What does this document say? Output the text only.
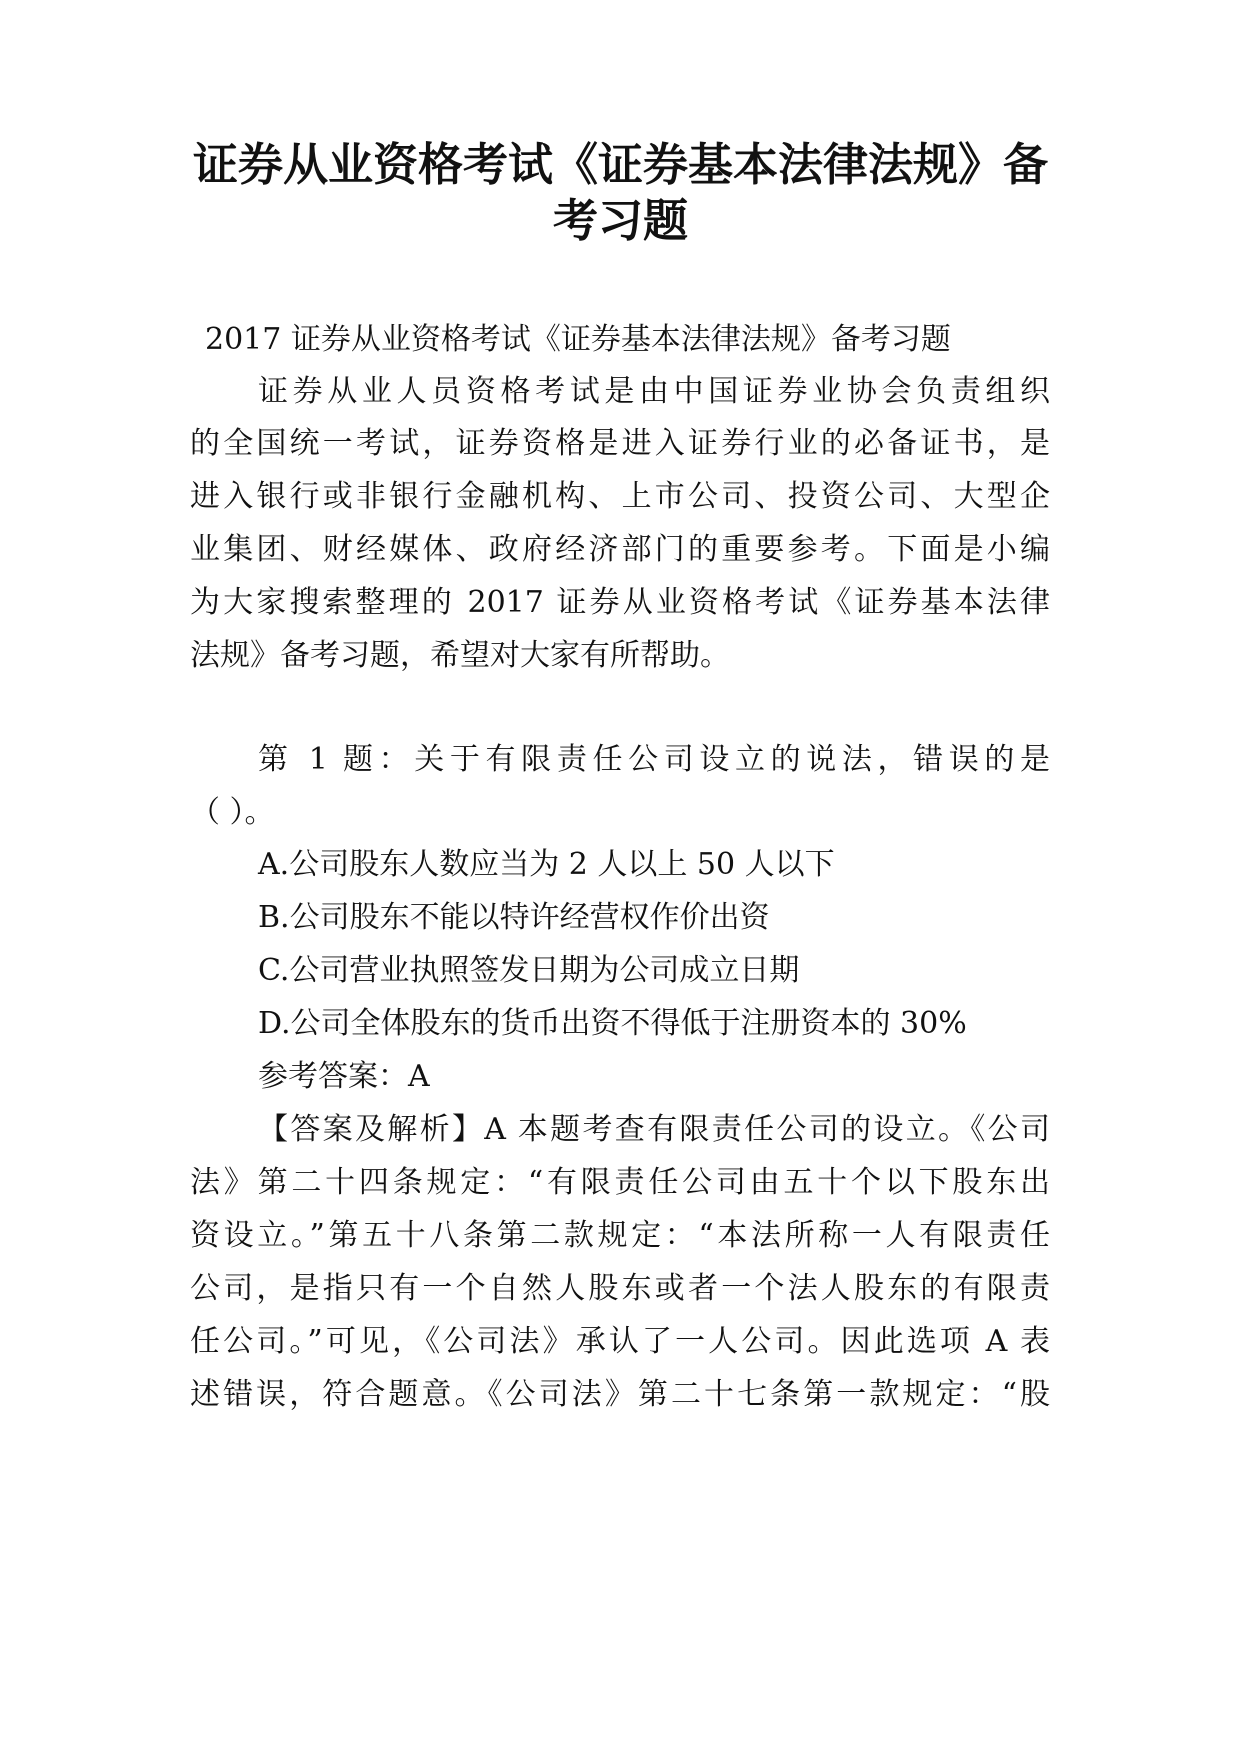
证券从业资格考试《证券基本法律法规》备
考习题

2017 证券从业资格考试《证券基本法律法规》备考习题

证券从业人员资格考试是由中国证券业协会负责组织

的全国统一考试，证券资格是进入证券行业的必备证书，是

进入银行或非银行金融机构、上市公司、投资公司、大型企

业集团、财经媒体、政府经济部门的重要参考。下面是小编

为大家搜索整理的 2017 证券从业资格考试《证券基本法律

法规》备考习题，希望对大家有所帮助。

第 1 题：关于有限责任公司设立的说法，错误的是

（ ）。

A.公司股东人数应当为 2 人以上 50 人以下

B.公司股东不能以特许经营权作价出资

C.公司营业执照签发日期为公司成立日期

D.公司全体股东的货币出资不得低于注册资本的 30%

参考答案：A

【答案及解析】A 本题考查有限责任公司的设立。《公司

法》第二十四条规定：“有限责任公司由五十个以下股东出

资设立。”第五十八条第二款规定：“本法所称一人有限责任

公司，是指只有一个自然人股东或者一个法人股东的有限责

任公司。”可见，《公司法》承认了一人公司。因此选项 A 表

述错误，符合题意。《公司法》第二十七条第一款规定：“股
